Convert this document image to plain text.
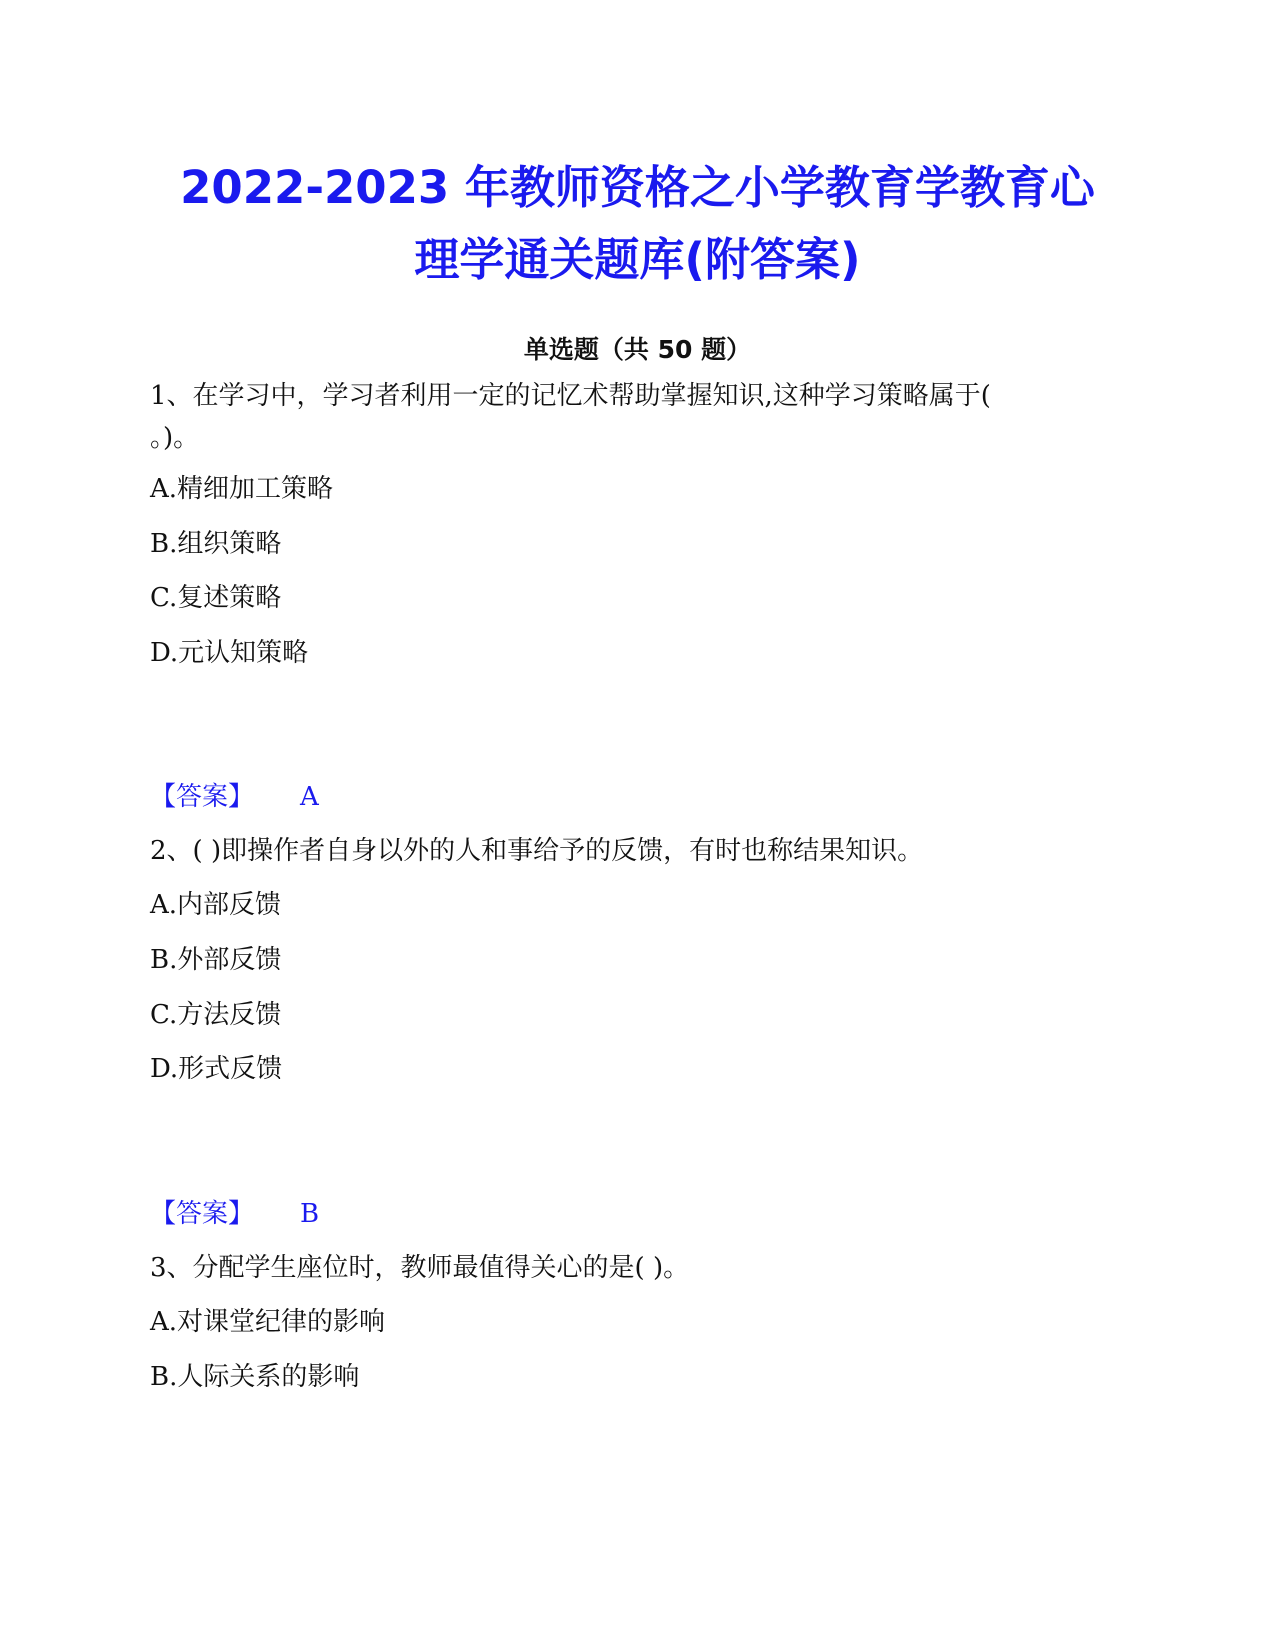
2022-2023 年教师资格之小学教育学教育心
理学通关题库(附答案)

单选题（共 50 题）

1、在学习中，学习者利用一定的记忆术帮助掌握知识,这种学习策略属于(

。)。

A.精细加工策略

B.组织策略

C.复述策略

D.元认知策略

【答案】 A

2、( )即操作者自身以外的人和事给予的反馈，有时也称结果知识。

A.内部反馈

B.外部反馈

C.方法反馈

D.形式反馈

【答案】 B

3、分配学生座位时，教师最值得关心的是( )。

A.对课堂纪律的影响

B.人际关系的影响
